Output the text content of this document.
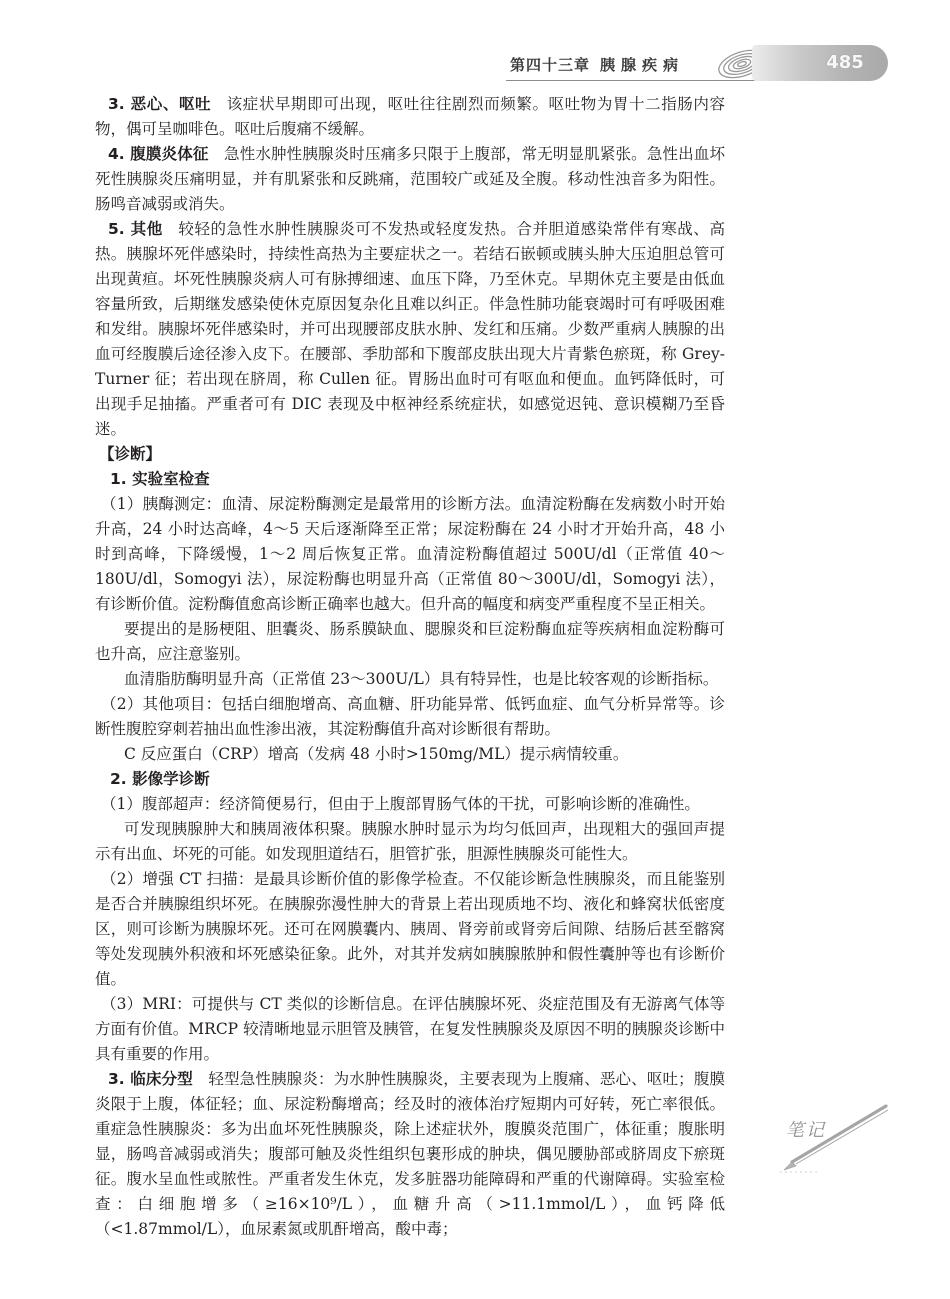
第四十三章 胰腺疾病	485

3. 恶心、呕吐 该症状早期即可出现，呕吐往往剧烈而频繁。呕吐物为胃十二指肠内容物，偶可呈咖啡色。呕吐后腹痛不缓解。

4. 腹膜炎体征 急性水肿性胰腺炎时压痛多只限于上腹部，常无明显肌紧张。急性出血坏死性胰腺炎压痛明显，并有肌紧张和反跳痛，范围较广或延及全腹。移动性浊音多为阳性。肠鸣音减弱或消失。

5. 其他 较轻的急性水肿性胰腺炎可不发热或轻度发热。合并胆道感染常伴有寒战、高热。胰腺坏死伴感染时，持续性高热为主要症状之一。若结石嵌顿或胰头肿大压迫胆总管可出现黄疸。坏死性胰腺炎病人可有脉搏细速、血压下降，乃至休克。早期休克主要是由低血容量所致，后期继发感染使休克原因复杂化且难以纠正。伴急性肺功能衰竭时可有呼吸困难和发绀。胰腺坏死伴感染时，并可出现腰部皮肤水肿、发红和压痛。少数严重病人胰腺的出血可经腹膜后途径渗入皮下。在腰部、季肋部和下腹部皮肤出现大片青紫色瘀斑，称 Grey-Turner 征；若出现在脐周，称 Cullen 征。胃肠出血时可有呕血和便血。血钙降低时，可出现手足抽搐。严重者可有 DIC 表现及中枢神经系统症状，如感觉迟钝、意识模糊乃至昏迷。

【诊断】

1. 实验室检查

（1）胰酶测定：血清、尿淀粉酶测定是最常用的诊断方法。血清淀粉酶在发病数小时开始升高，24 小时达高峰，4～5 天后逐渐降至正常；尿淀粉酶在 24 小时才开始升高，48 小时到高峰，下降缓慢，1～2 周后恢复正常。血清淀粉酶值超过 500U/dl（正常值 40～180U/dl，Somogyi 法），尿淀粉酶也明显升高（正常值 80～300U/dl，Somogyi 法），有诊断价值。淀粉酶值愈高诊断正确率也越大。但升高的幅度和病变严重程度不呈正相关。

要提出的是肠梗阻、胆囊炎、肠系膜缺血、腮腺炎和巨淀粉酶血症等疾病相血淀粉酶可也升高，应注意鉴别。

血清脂肪酶明显升高（正常值 23～300U/L）具有特异性，也是比较客观的诊断指标。

（2）其他项目：包括白细胞增高、高血糖、肝功能异常、低钙血症、血气分析异常等。诊断性腹腔穿刺若抽出血性渗出液，其淀粉酶值升高对诊断很有帮助。

C 反应蛋白（CRP）增高（发病 48 小时>150mg/ML）提示病情较重。

2. 影像学诊断

（1）腹部超声：经济简便易行，但由于上腹部胃肠气体的干扰，可影响诊断的准确性。

可发现胰腺肿大和胰周液体积聚。胰腺水肿时显示为均匀低回声，出现粗大的强回声提示有出血、坏死的可能。如发现胆道结石，胆管扩张，胆源性胰腺炎可能性大。

（2）增强 CT 扫描：是最具诊断价值的影像学检查。不仅能诊断急性胰腺炎，而且能鉴别是否合并胰腺组织坏死。在胰腺弥漫性肿大的背景上若出现质地不均、液化和蜂窝状低密度区，则可诊断为胰腺坏死。还可在网膜囊内、胰周、肾旁前或肾旁后间隙、结肠后甚至髂窝等处发现胰外积液和坏死感染征象。此外，对其并发病如胰腺脓肿和假性囊肿等也有诊断价值。

（3）MRI：可提供与 CT 类似的诊断信息。在评估胰腺坏死、炎症范围及有无游离气体等方面有价值。MRCP 较清晰地显示胆管及胰管，在复发性胰腺炎及原因不明的胰腺炎诊断中具有重要的作用。

3. 临床分型 轻型急性胰腺炎：为水肿性胰腺炎，主要表现为上腹痛、恶心、呕吐；腹膜炎限于上腹，体征轻；血、尿淀粉酶增高；经及时的液体治疗短期内可好转，死亡率很低。重症急性胰腺炎：多为出血坏死性胰腺炎，除上述症状外，腹膜炎范围广，体征重；腹胀明显，肠鸣音减弱或消失；腹部可触及炎性组织包裹形成的肿块，偶见腰胁部或脐周皮下瘀斑征。腹水呈血性或脓性。严重者发生休克，发多脏器功能障碍和严重的代谢障碍。实验室检查：白细胞增多（≥16×10⁹/L），血糖升高（>11.1mmol/L），血钙降低（<1.87mmol/L），血尿素氮或肌酐增高，酸中毒；

笔记
